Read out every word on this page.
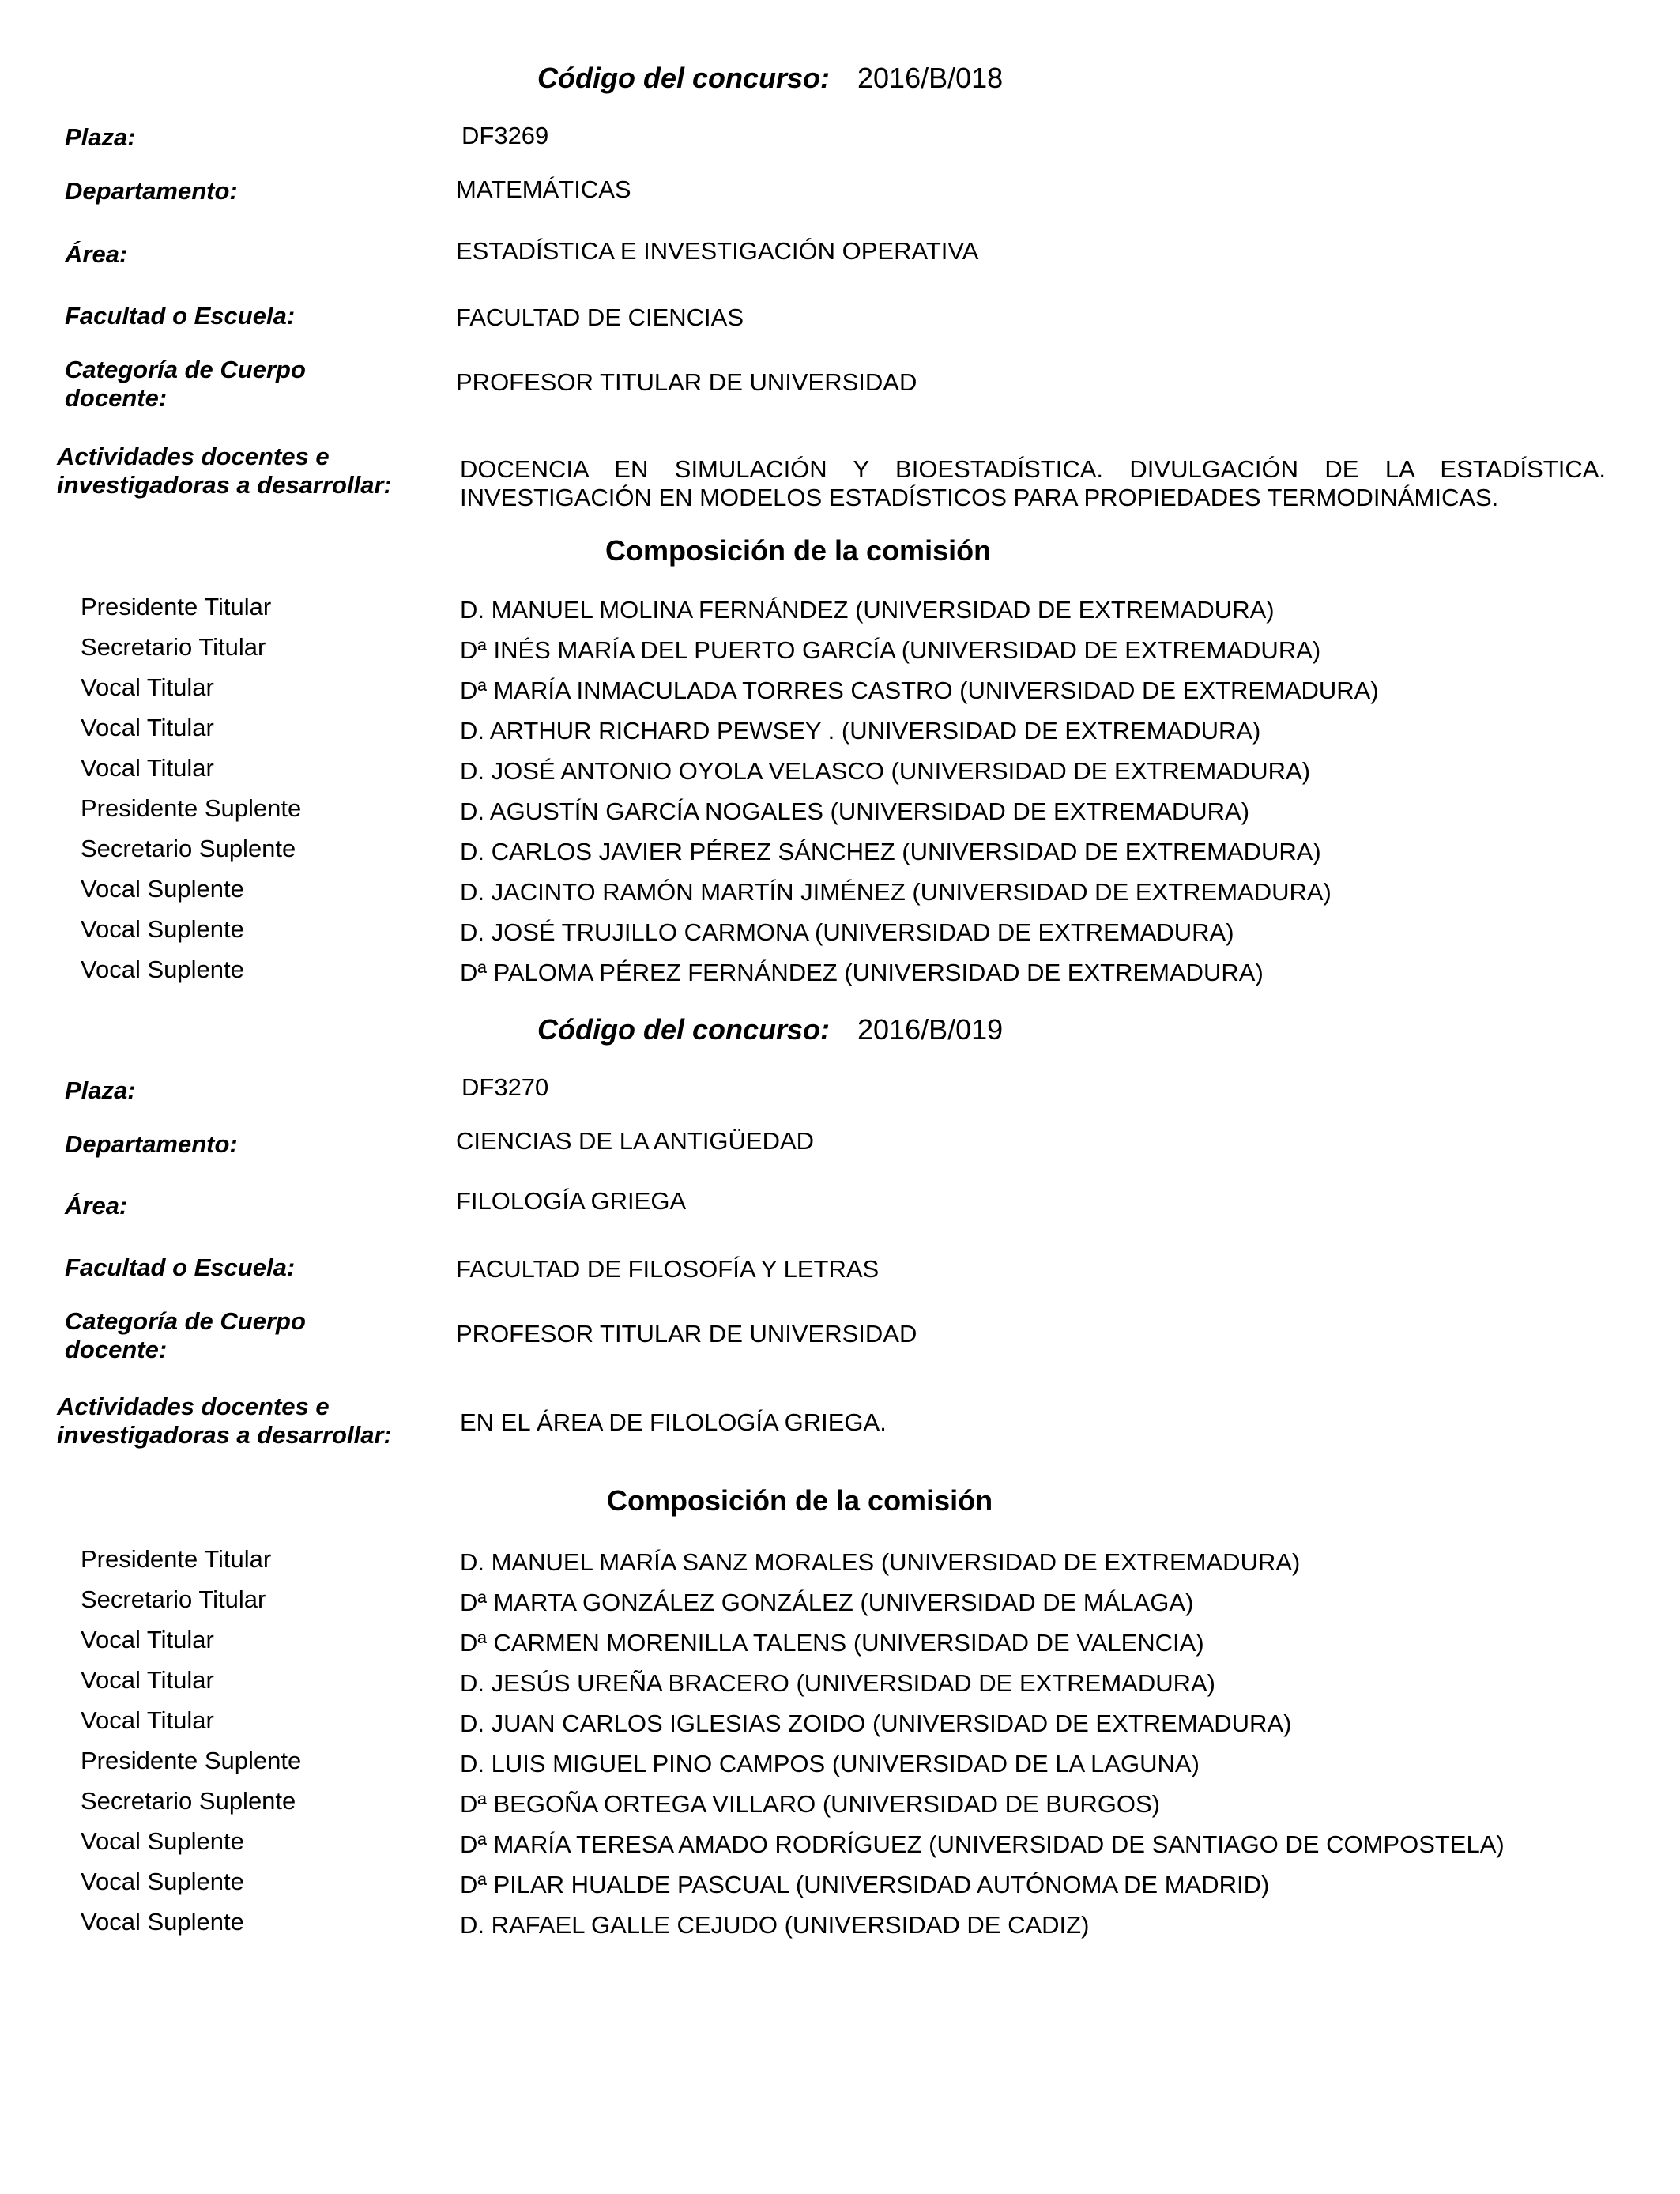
Código del concurso: 2016/B/018
Plaza:	DF3269
Departamento:	MATEMÁTICAS
Área:	ESTADÍSTICA E INVESTIGACIÓN OPERATIVA
Facultad o Escuela:	FACULTAD DE CIENCIAS
Categoría de Cuerpo docente:
PROFESOR TITULAR DE UNIVERSIDAD
Actividades docentes e investigadoras a desarrollar:
DOCENCIA EN SIMULACIÓN Y BIOESTADÍSTICA. DIVULGACIÓN DE LA ESTADÍSTICA. INVESTIGACIÓN EN MODELOS ESTADÍSTICOS PARA PROPIEDADES TERMODINÁMICAS.
Composición de la comisión
Presidente Titular	D. MANUEL MOLINA FERNÁNDEZ (UNIVERSIDAD DE EXTREMADURA)
Secretario Titular	Dª INÉS MARÍA DEL PUERTO GARCÍA (UNIVERSIDAD DE EXTREMADURA)
Vocal Titular	Dª MARÍA INMACULADA TORRES CASTRO (UNIVERSIDAD DE EXTREMADURA)
Vocal Titular	D. ARTHUR RICHARD PEWSEY . (UNIVERSIDAD DE EXTREMADURA)
Vocal Titular	D. JOSÉ ANTONIO OYOLA VELASCO (UNIVERSIDAD DE EXTREMADURA)
Presidente Suplente	D. AGUSTÍN GARCÍA NOGALES (UNIVERSIDAD DE EXTREMADURA)
Secretario Suplente	D. CARLOS JAVIER PÉREZ SÁNCHEZ (UNIVERSIDAD DE EXTREMADURA)
Vocal Suplente	D. JACINTO RAMÓN MARTÍN JIMÉNEZ (UNIVERSIDAD DE EXTREMADURA)
Vocal Suplente	D. JOSÉ TRUJILLO CARMONA (UNIVERSIDAD DE EXTREMADURA)
Vocal Suplente	Dª PALOMA PÉREZ FERNÁNDEZ (UNIVERSIDAD DE EXTREMADURA)
Código del concurso: 2016/B/019
Plaza:	DF3270
Departamento:	CIENCIAS DE LA ANTIGÜEDAD
Área:	FILOLOGÍA GRIEGA
Facultad o Escuela:	FACULTAD DE FILOSOFÍA Y LETRAS
Categoría de Cuerpo docente:
PROFESOR TITULAR DE UNIVERSIDAD
Actividades docentes e investigadoras a desarrollar:	EN EL ÁREA DE FILOLOGÍA GRIEGA.
Composición de la comisión
Presidente Titular	D. MANUEL MARÍA SANZ MORALES (UNIVERSIDAD DE EXTREMADURA)
Secretario Titular	Dª MARTA GONZÁLEZ GONZÁLEZ (UNIVERSIDAD DE MÁLAGA)
Vocal Titular	Dª CARMEN MORENILLA TALENS (UNIVERSIDAD DE VALENCIA)
Vocal Titular	D. JESÚS UREÑA BRACERO (UNIVERSIDAD DE EXTREMADURA)
Vocal Titular	D. JUAN CARLOS IGLESIAS ZOIDO (UNIVERSIDAD DE EXTREMADURA)
Presidente Suplente	D. LUIS MIGUEL PINO CAMPOS (UNIVERSIDAD DE LA LAGUNA)
Secretario Suplente	Dª BEGOÑA ORTEGA VILLARO (UNIVERSIDAD DE BURGOS)
Vocal Suplente	Dª MARÍA TERESA AMADO RODRÍGUEZ (UNIVERSIDAD DE SANTIAGO DE COMPOSTELA)
Vocal Suplente	Dª PILAR HUALDE PASCUAL (UNIVERSIDAD AUTÓNOMA DE MADRID)
Vocal Suplente	D. RAFAEL GALLE CEJUDO (UNIVERSIDAD DE CADIZ)
